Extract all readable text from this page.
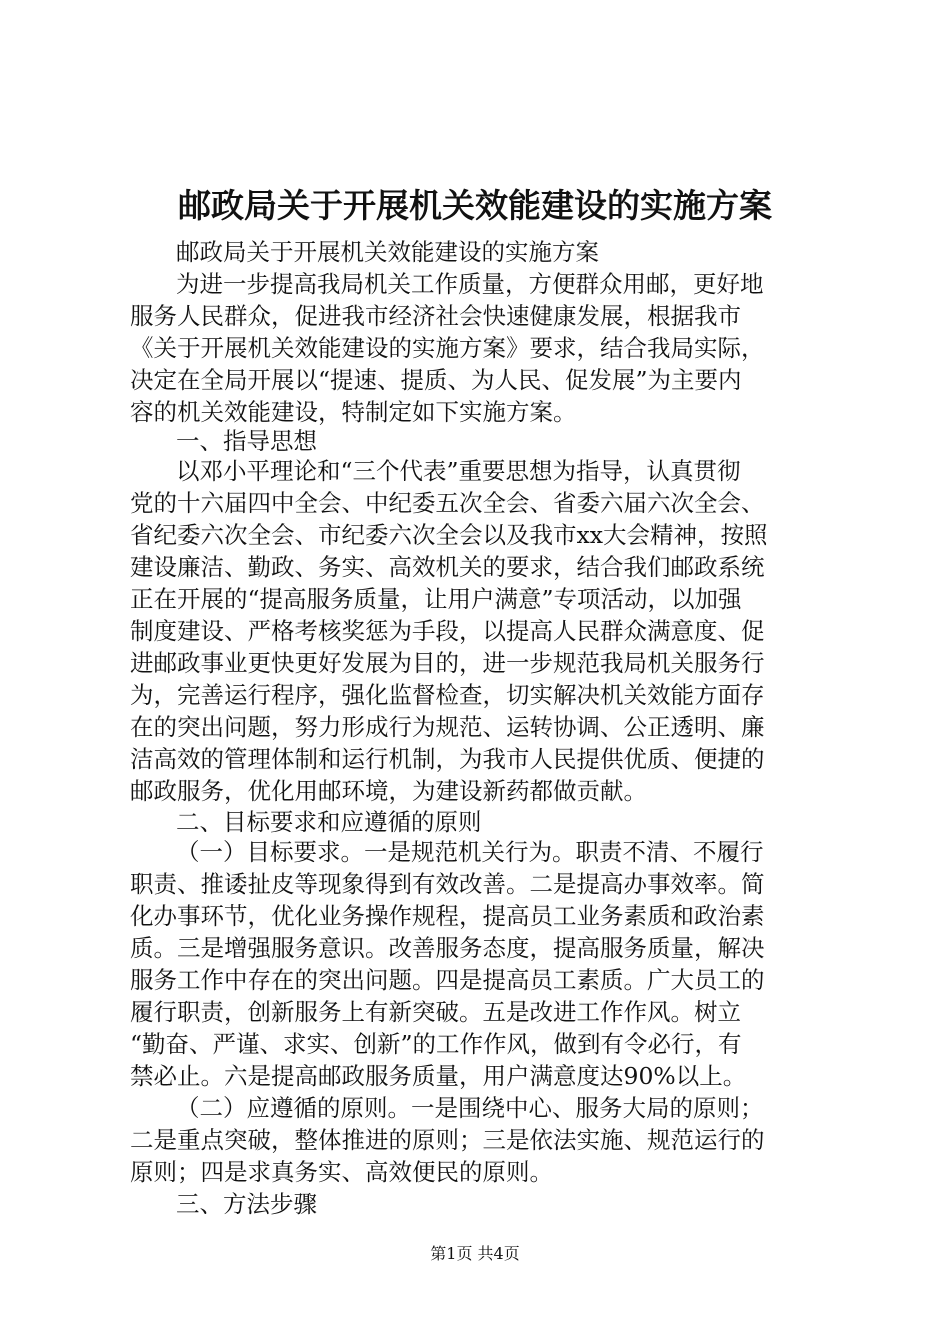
邮政局关于开展机关效能建设的实施方案
邮政局关于开展机关效能建设的实施方案
为进一步提高我局机关工作质量，方便群众用邮，更好地
服务人民群众，促进我市经济社会快速健康发展，根据我市
《关于开展机关效能建设的实施方案》要求，结合我局实际，
决定在全局开展以“提速、提质、为人民、促发展”为主要内
容的机关效能建设，特制定如下实施方案。
一、指导思想
以邓小平理论和“三个代表”重要思想为指导，认真贯彻
党的十六届四中全会、中纪委五次全会、省委六届六次全会、
省纪委六次全会、市纪委六次全会以及我市xx大会精神，按照
建设廉洁、勤政、务实、高效机关的要求，结合我们邮政系统
正在开展的“提高服务质量，让用户满意”专项活动，以加强
制度建设、严格考核奖惩为手段，以提高人民群众满意度、促
进邮政事业更快更好发展为目的，进一步规范我局机关服务行
为，完善运行程序，强化监督检查，切实解决机关效能方面存
在的突出问题，努力形成行为规范、运转协调、公正透明、廉
洁高效的管理体制和运行机制，为我市人民提供优质、便捷的
邮政服务，优化用邮环境，为建设新药都做贡献。
二、目标要求和应遵循的原则
（一）目标要求。一是规范机关行为。职责不清、不履行
职责、推诿扯皮等现象得到有效改善。二是提高办事效率。简
化办事环节，优化业务操作规程，提高员工业务素质和政治素
质。三是增强服务意识。改善服务态度，提高服务质量，解决
服务工作中存在的突出问题。四是提高员工素质。广大员工的
履行职责，创新服务上有新突破。五是改进工作作风。树立
“勤奋、严谨、求实、创新”的工作作风，做到有令必行，有
禁必止。六是提高邮政服务质量，用户满意度达90%以上。
（二）应遵循的原则。一是围绕中心、服务大局的原则；
二是重点突破，整体推进的原则；三是依法实施、规范运行的
原则；四是求真务实、高效便民的原则。
三、方法步骤
第1页 共4页
